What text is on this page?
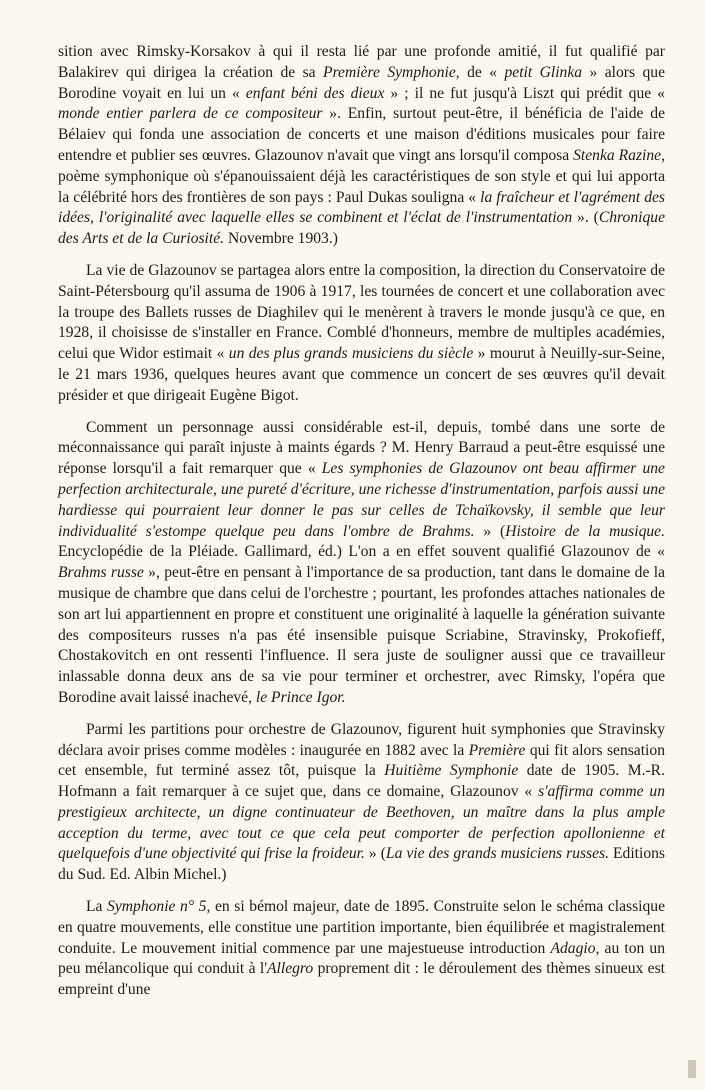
sition avec Rimsky-Korsakov à qui il resta lié par une profonde amitié, il fut qualifié par Balakirev qui dirigea la création de sa Première Symphonie, de « petit Glinka » alors que Borodine voyait en lui un « enfant béni des dieux » ; il ne fut jusqu'à Liszt qui prédit que « monde entier parlera de ce compositeur ». Enfin, surtout peut-être, il bénéficia de l'aide de Bélaiev qui fonda une association de concerts et une maison d'éditions musicales pour faire entendre et publier ses œuvres. Glazounov n'avait que vingt ans lorsqu'il composa Stenka Razine, poème symphonique où s'épanouissaient déjà les caractéristiques de son style et qui lui apporta la célébrité hors des frontières de son pays : Paul Dukas souligna « la fraîcheur et l'agrément des idées, l'originalité avec laquelle elles se combinent et l'éclat de l'instrumentation ». (Chronique des Arts et de la Curiosité. Novembre 1903.)

La vie de Glazounov se partagea alors entre la composition, la direction du Conservatoire de Saint-Pétersbourg qu'il assuma de 1906 à 1917, les tournées de concert et une collaboration avec la troupe des Ballets russes de Diaghilev qui le menèrent à travers le monde jusqu'à ce que, en 1928, il choisisse de s'installer en France. Comblé d'honneurs, membre de multiples académies, celui que Widor estimait « un des plus grands musiciens du siècle » mourut à Neuilly-sur-Seine, le 21 mars 1936, quelques heures avant que commence un concert de ses œuvres qu'il devait présider et que dirigeait Eugène Bigot.

Comment un personnage aussi considérable est-il, depuis, tombé dans une sorte de méconnaissance qui paraît injuste à maints égards ? M. Henry Barraud a peut-être esquissé une réponse lorsqu'il a fait remarquer que « Les symphonies de Glazounov ont beau affirmer une perfection architecturale, une pureté d'écriture, une richesse d'instrumentation, parfois aussi une hardiesse qui pourraient leur donner le pas sur celles de Tchaïkovsky, il semble que leur individualité s'estompe quelque peu dans l'ombre de Brahms. » (Histoire de la musique. Encyclopédie de la Pléiade. Gallimard, éd.) L'on a en effet souvent qualifié Glazounov de « Brahms russe », peut-être en pensant à l'importance de sa production, tant dans le domaine de la musique de chambre que dans celui de l'orchestre ; pourtant, les profondes attaches nationales de son art lui appartiennent en propre et constituent une originalité à laquelle la génération suivante des compositeurs russes n'a pas été insensible puisque Scriabine, Stravinsky, Prokofieff, Chostakovitch en ont ressenti l'influence. Il sera juste de souligner aussi que ce travailleur inlassable donna deux ans de sa vie pour terminer et orchestrer, avec Rimsky, l'opéra que Borodine avait laissé inachevé, le Prince Igor.

Parmi les partitions pour orchestre de Glazounov, figurent huit symphonies que Stravinsky déclara avoir prises comme modèles : inaugurée en 1882 avec la Première qui fit alors sensation cet ensemble, fut terminé assez tôt, puisque la Huitième Symphonie date de 1905. M.-R. Hofmann a fait remarquer à ce sujet que, dans ce domaine, Glazounov « s'affirma comme un prestigieux architecte, un digne continuateur de Beethoven, un maître dans la plus ample acception du terme, avec tout ce que cela peut comporter de perfection apollonienne et quelquefois d'une objectivité qui frise la froideur. » (La vie des grands musiciens russes. Editions du Sud. Ed. Albin Michel.)

La Symphonie n° 5, en si bémol majeur, date de 1895. Construite selon le schéma classique en quatre mouvements, elle constitue une partition importante, bien équilibrée et magistralement conduite. Le mouvement initial commence par une majestueuse introduction Adagio, au ton un peu mélancolique qui conduit à l'Allegro proprement dit : le déroulement des thèmes sinueux est empreint d'une
